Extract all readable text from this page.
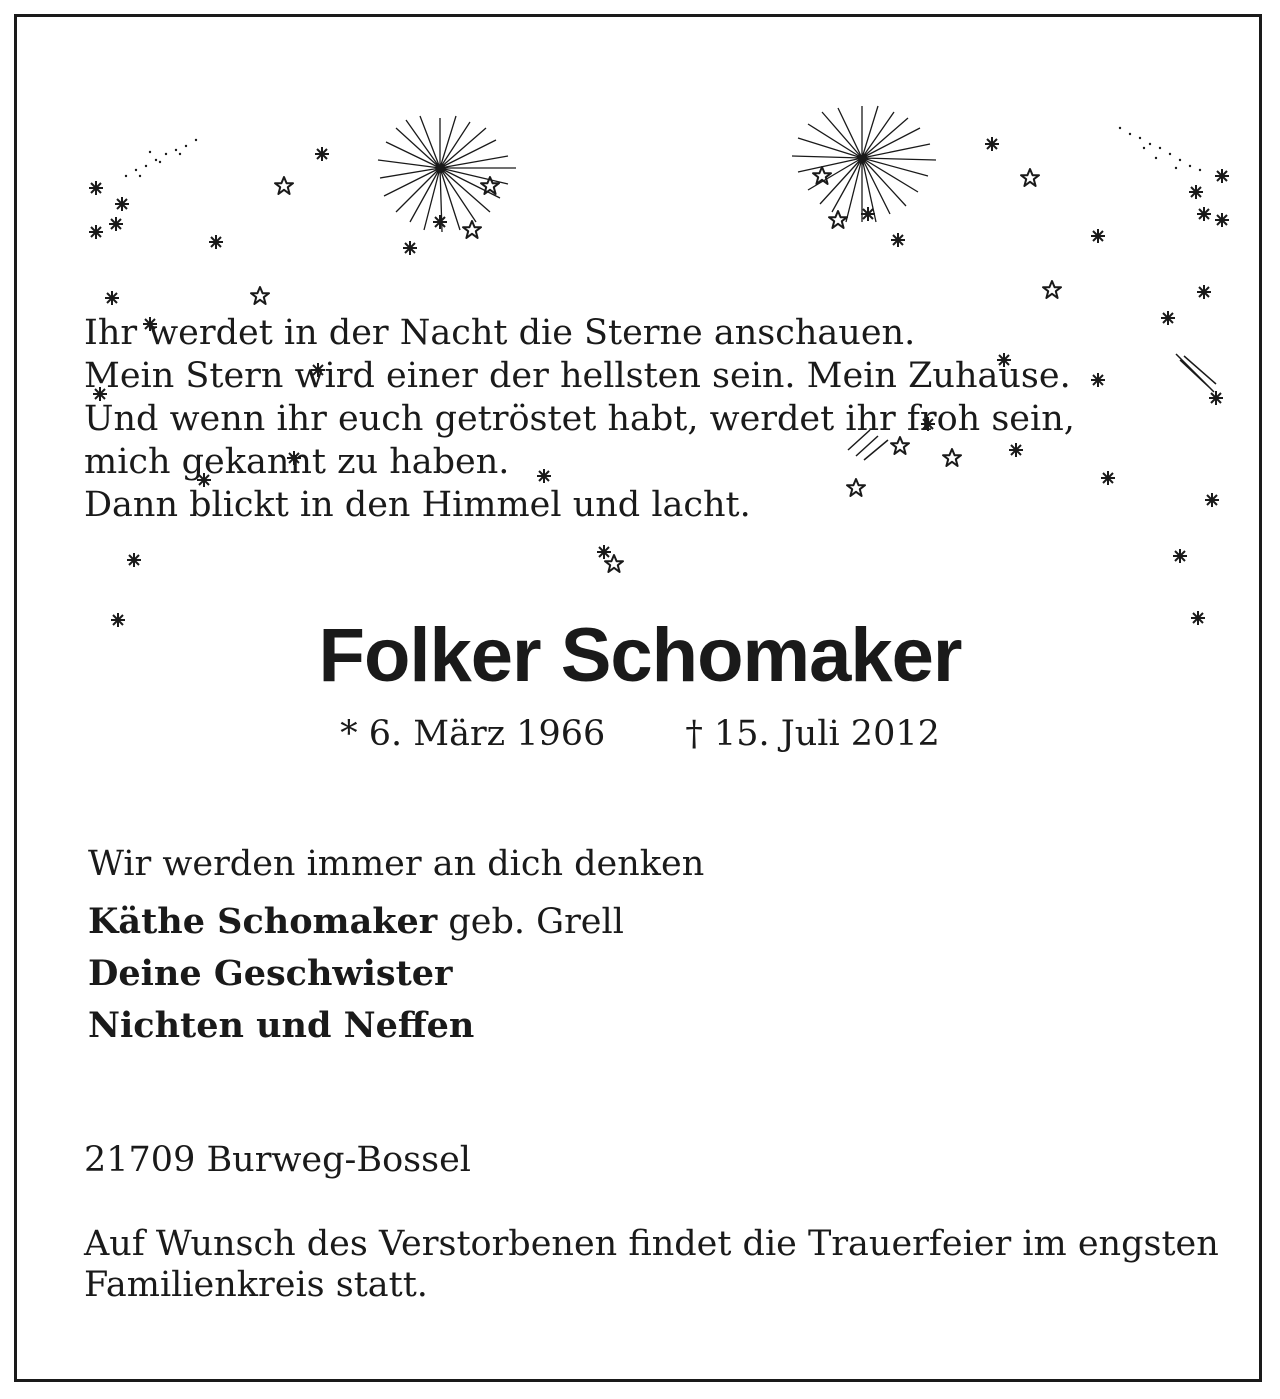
Ihr werdet in der Nacht die Sterne anschauen.
Mein Stern wird einer der hellsten sein. Mein Zuhause.
Und wenn ihr euch getröstet habt, werdet ihr froh sein,
mich gekannt zu haben.
Dann blickt in den Himmel und lacht.
Folker Schomaker
* 6. März 1966 † 15. Juli 2012
Wir werden immer an dich denken
Käthe Schomaker geb. Grell
Deine Geschwister
Nichten und Neffen
21709 Burweg-Bossel
Auf Wunsch des Verstorbenen findet die Trauerfeier im engsten Familienkreis statt.
